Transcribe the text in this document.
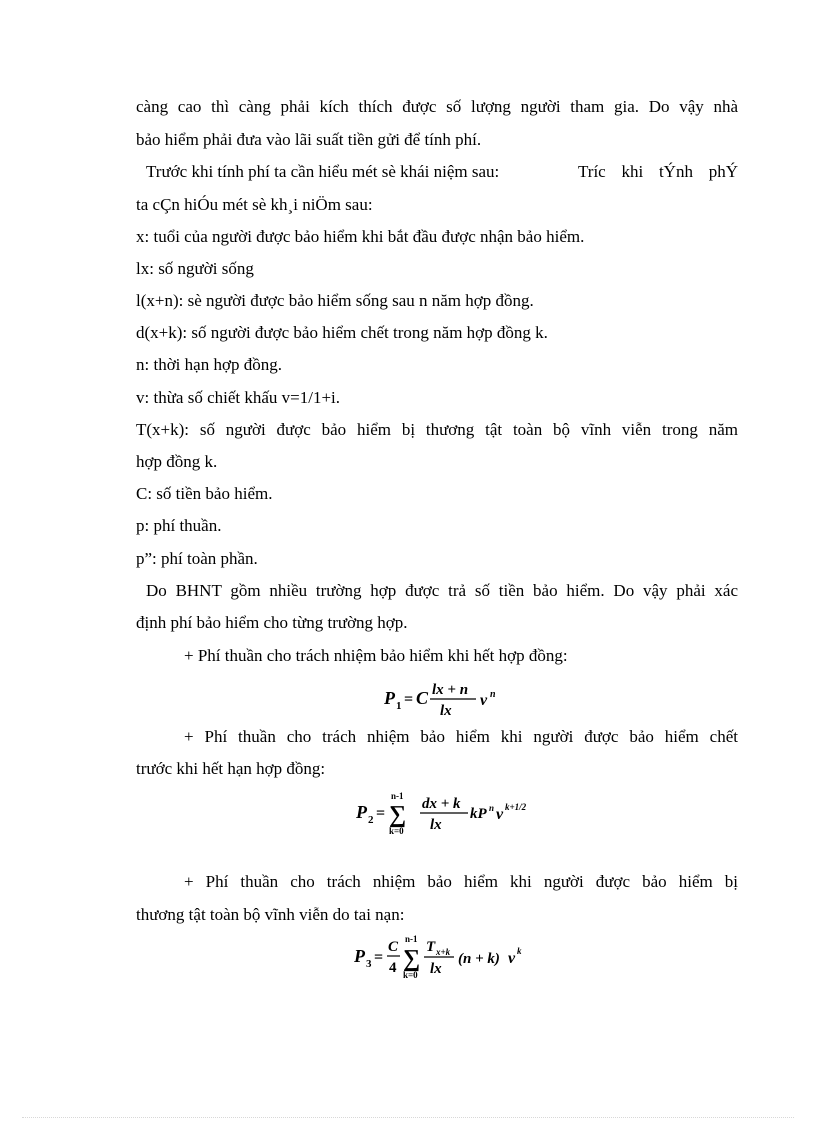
càng cao thì càng phải kích thích được số lượng người tham gia. Do vậy nhà
bảo hiểm phải đưa vào lãi suất tiền gửi để tính phí.
Trước khi tính phí ta cần hiểu mét sè khái niệm sau:	Tríc khi tÝnh phÝ
ta cÇn hiÓu mét sè kh¸i niÖm sau:
x: tuổi của người được bảo hiểm khi bắt đầu được nhận bảo hiểm.
lx: số người sống
l(x+n): sè người được bảo hiểm sống sau n năm hợp đồng.
d(x+k): số người được bảo hiểm chết trong năm hợp đồng k.
n: thời hạn hợp đồng.
v: thừa số chiết khấu v=1/1+i.
T(x+k): số người được bảo hiểm bị thương tật toàn bộ vĩnh viễn trong năm
hợp đồng k.
C: số tiền bảo hiểm.
p: phí thuần.
p”: phí toàn phần.
Do BHNT gồm nhiều trường hợp được trả số tiền bảo hiểm. Do vậy phải xác
định phí bảo hiểm cho từng trường hợp.
+ Phí thuần cho trách nhiệm bảo hiểm khi hết hợp đồng:
P 1 = C lx + n
lx
v n
+ Phí thuần cho trách nhiệm bảo hiểm khi người được bảo hiểm chết
trước khi hết hạn hợp đồng:
P 2 =
n-1
∑
k=0
dx + k
lx
kP n v k+1/2
+ Phí thuần cho trách nhiệm bảo hiểm khi người được bảo hiểm bị
thương tật toàn bộ vĩnh viễn do tai nạn:
P 3 =
C
4
n-1
∑
k=0
T x+k
lx
(n + k) v k
